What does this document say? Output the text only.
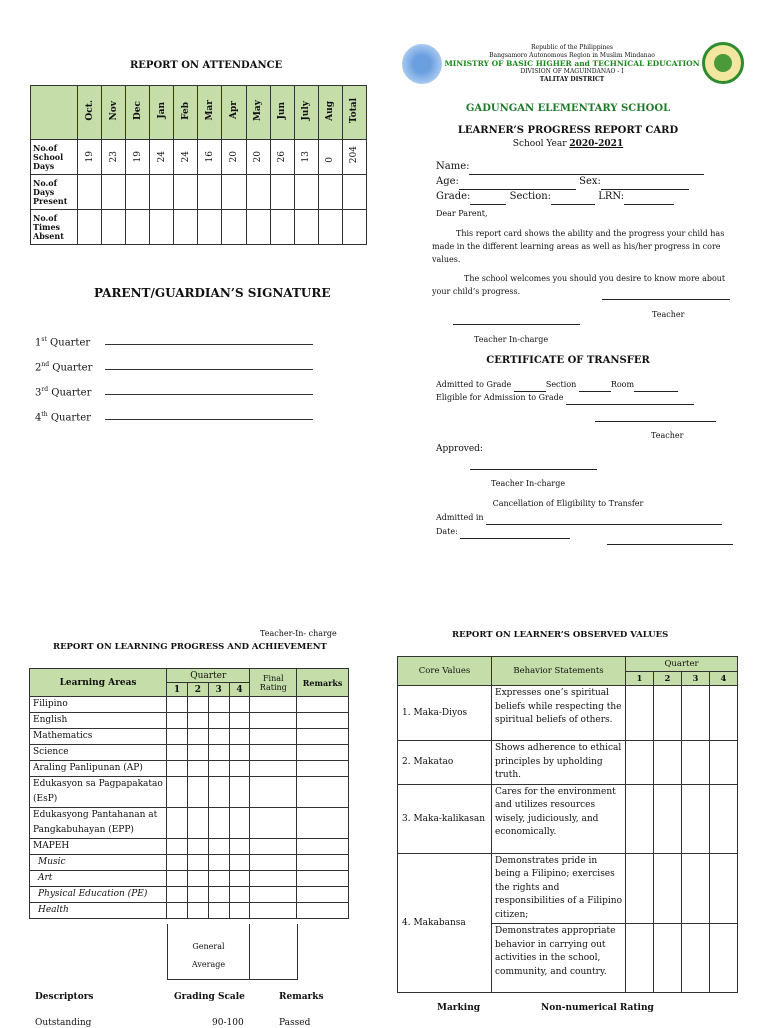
REPORT ON ATTENDANCE
	Oct.	Nov	Dec	Jan	Feb	Mar	Apr	May	Jun	July	Aug	Total
No.of School Days	19	23	19	24	24	16	20	20	26	13	0	204
No.of Days Present												
No.of Times Absent												
PARENT/GUARDIAN’S SIGNATURE
1st Quarter
2nd Quarter
3rd Quarter
4th Quarter
Republic of the Philippines
Bangsamoro Autonomous Region in Muslim Mindanao
MINISTRY OF BASIC HIGHER and TECHNICAL EDUCATION
DIVISION OF MAGUINDANAO - I
TALITAY DISTRICT
GADUNGAN ELEMENTARY SCHOOL
LEARNER’S PROGRESS REPORT CARD
School Year 2020-2021
Name:
Age:	Sex:
Grade:	Section:	LRN:
Dear Parent,
This report card shows the ability and the progress your child has made in the different learning areas as well as his/her progress in core values.
The school welcomes you should you desire to know more about your child’s progress.
Teacher
Teacher In-charge
CERTIFICATE OF TRANSFER
Admitted to Grade	Section	Room
Eligible for Admission to Grade
Teacher
Approved:
Teacher In-charge
Cancellation of Eligibility to Transfer
Admitted in
Date:
Teacher-In- charge
REPORT ON LEARNING PROGRESS AND ACHIEVEMENT
Learning Areas	Quarter				Final Rating	Remarks
	1	2	3	4		
Filipino						
English						
Mathematics						
Science						
Araling Panlipunan (AP)						
Edukasyon sa Pagpapakatao (EsP)						
Edukasyong Pantahanan at Pangkabuhayan (EPP)						
MAPEH						
Music						
Art						
Physical Education (PE)						
Health						
General Average
Descriptors	Grading Scale	Remarks
Outstanding	90-100	Passed
REPORT ON LEARNER’S OBSERVED VALUES
Core Values	Behavior Statements	Quarter			
		1	2	3	4
1. Maka-Diyos	Expresses one’s spiritual beliefs while respecting the spiritual beliefs of others.				
2. Makatao	Shows adherence to ethical principles by upholding truth.				
3. Maka-kalikasan	Cares for the environment and utilizes resources wisely, judiciously, and economically.				
4. Makabansa	Demonstrates pride in being a Filipino; exercises the rights and responsibilities of a Filipino citizen;				
	Demonstrates appropriate behavior in carrying out activities in the school, community, and country.				
Marking	Non-numerical Rating
